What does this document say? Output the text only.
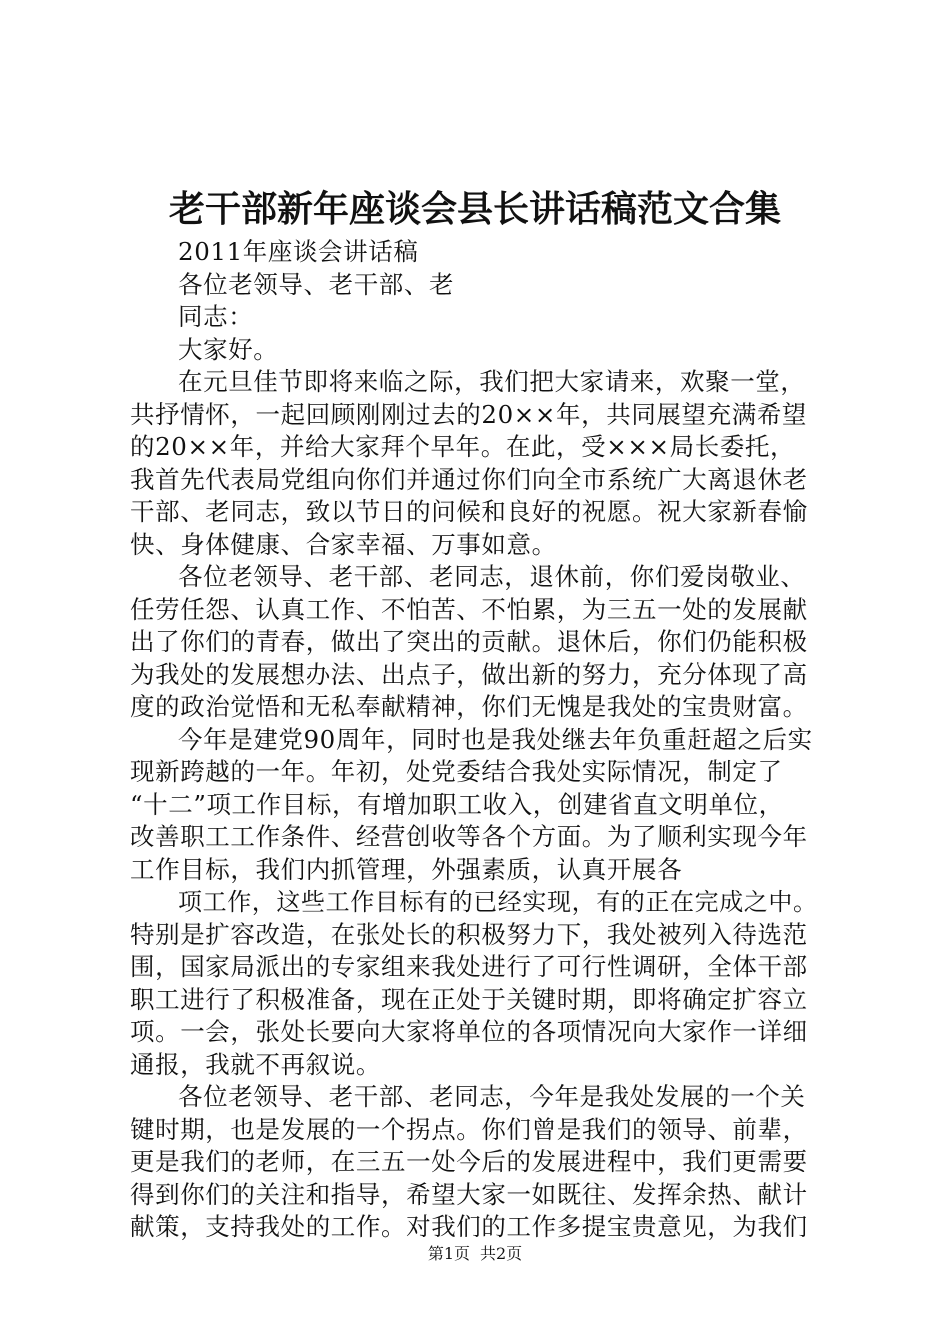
老干部新年座谈会县长讲话稿范文合集
2011年座谈会讲话稿
各位老领导、老干部、老
同志：
大家好。
在元旦佳节即将来临之际，我们把大家请来，欢聚一堂，
共抒情怀，一起回顾刚刚过去的20××年，共同展望充满希望
的20××年，并给大家拜个早年。在此，受×××局长委托，
我首先代表局党组向你们并通过你们向全市系统广大离退休老
干部、老同志，致以节日的问候和良好的祝愿。祝大家新春愉
快、身体健康、合家幸福、万事如意。
各位老领导、老干部、老同志，退休前，你们爱岗敬业、
任劳任怨、认真工作、不怕苦、不怕累，为三五一处的发展献
出了你们的青春，做出了突出的贡献。退休后，你们仍能积极
为我处的发展想办法、出点子，做出新的努力，充分体现了高
度的政治觉悟和无私奉献精神，你们无愧是我处的宝贵财富。
今年是建党90周年，同时也是我处继去年负重赶超之后实
现新跨越的一年。年初，处党委结合我处实际情况，制定了
“十二”项工作目标，有增加职工收入，创建省直文明单位，
改善职工工作条件、经营创收等各个方面。为了顺利实现今年
工作目标，我们内抓管理，外强素质，认真开展各
项工作，这些工作目标有的已经实现，有的正在完成之中。
特别是扩容改造，在张处长的积极努力下，我处被列入待选范
围，国家局派出的专家组来我处进行了可行性调研，全体干部
职工进行了积极准备，现在正处于关键时期，即将确定扩容立
项。一会，张处长要向大家将单位的各项情况向大家作一详细
通报，我就不再叙说。
各位老领导、老干部、老同志，今年是我处发展的一个关
键时期，也是发展的一个拐点。你们曾是我们的领导、前辈，
更是我们的老师，在三五一处今后的发展进程中，我们更需要
得到你们的关注和指导，希望大家一如既往、发挥余热、献计
献策，支持我处的工作。对我们的工作多提宝贵意见，为我们
第1页 共2页
